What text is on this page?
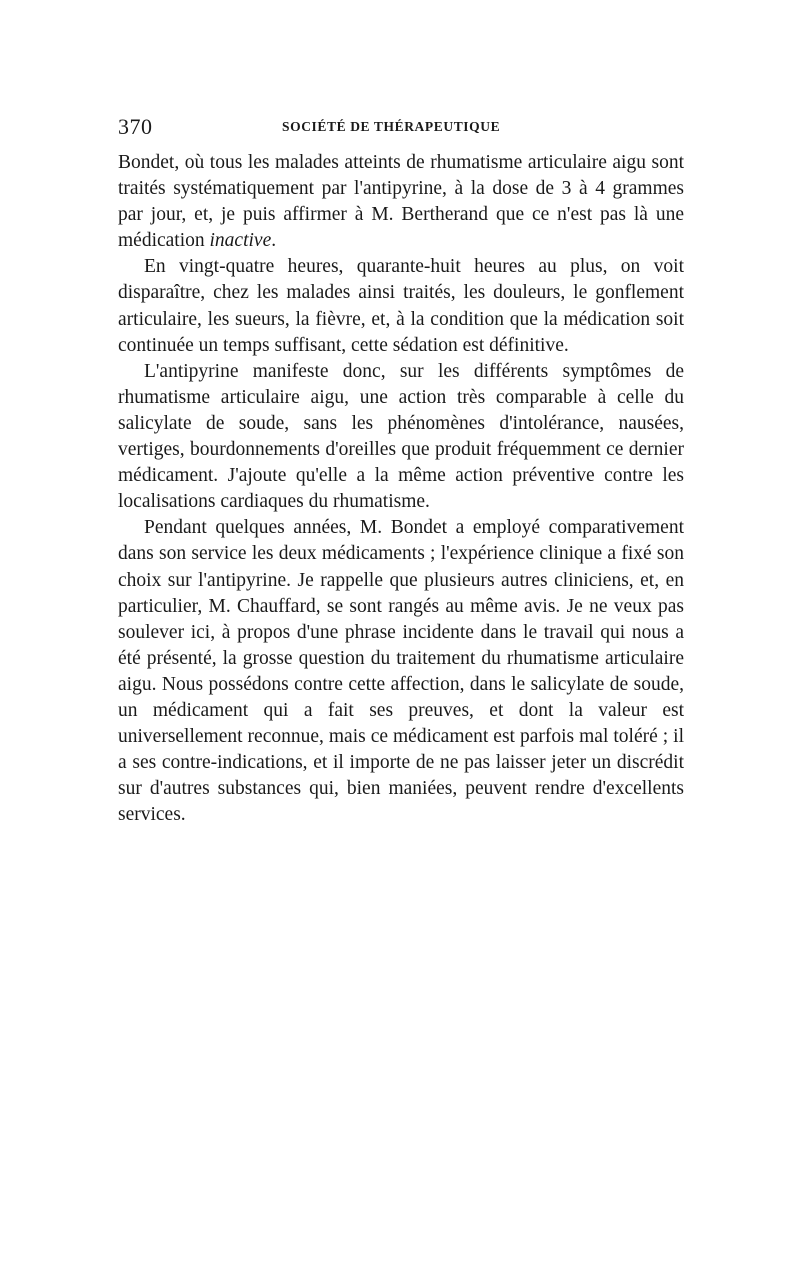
370	SOCIÉTÉ DE THÉRAPEUTIQUE

Bondet, où tous les malades atteints de rhumatisme articulaire aigu sont traités systématiquement par l'antipyrine, à la dose de 3 à 4 grammes par jour, et, je puis affirmer à M. Bertherand que ce n'est pas là une médication inactive.

En vingt-quatre heures, quarante-huit heures au plus, on voit disparaître, chez les malades ainsi traités, les douleurs, le gonflement articulaire, les sueurs, la fièvre, et, à la condition que la médication soit continuée un temps suffisant, cette sédation est définitive.

L'antipyrine manifeste donc, sur les différents symptômes de rhumatisme articulaire aigu, une action très comparable à celle du salicylate de soude, sans les phénomènes d'intolérance, nausées, vertiges, bourdonnements d'oreilles que produit fréquemment ce dernier médicament. J'ajoute qu'elle a la même action préventive contre les localisations cardiaques du rhumatisme.

Pendant quelques années, M. Bondet a employé comparativement dans son service les deux médicaments ; l'expérience clinique a fixé son choix sur l'antipyrine. Je rappelle que plusieurs autres cliniciens, et, en particulier, M. Chauffard, se sont rangés au même avis. Je ne veux pas soulever ici, à propos d'une phrase incidente dans le travail qui nous a été présenté, la grosse question du traitement du rhumatisme articulaire aigu. Nous possédons contre cette affection, dans le salicylate de soude, un médicament qui a fait ses preuves, et dont la valeur est universellement reconnue, mais ce médicament est parfois mal toléré ; il a ses contre-indications, et il importe de ne pas laisser jeter un discrédit sur d'autres substances qui, bien maniées, peuvent rendre d'excellents services.
